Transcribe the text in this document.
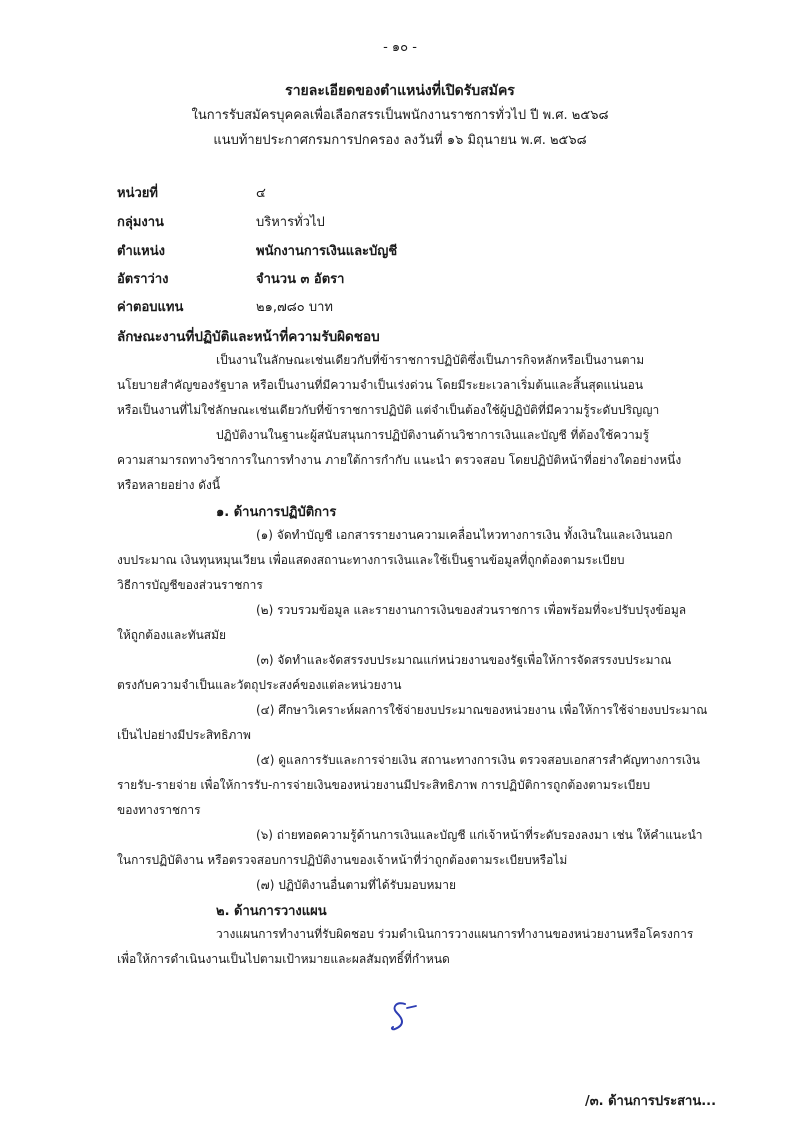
- ๑๐ -
รายละเอียดของตำแหน่งที่เปิดรับสมัคร
ในการรับสมัครบุคคลเพื่อเลือกสรรเป็นพนักงานราชการทั่วไป ปี พ.ศ. ๒๕๖๘
แนบท้ายประกาศกรมการปกครอง ลงวันที่ ๑๖ มิถุนายน พ.ศ. ๒๕๖๘
หน่วยที่	๔
กลุ่มงาน	บริหารทั่วไป
ตำแหน่ง	พนักงานการเงินและบัญชี
อัตราว่าง	จำนวน ๓ อัตรา
ค่าตอบแทน	๒๑,๗๘๐ บาท
ลักษณะงานที่ปฏิบัติและหน้าที่ความรับผิดชอบ
เป็นงานในลักษณะเช่นเดียวกับที่ข้าราชการปฏิบัติซึ่งเป็นภารกิจหลักหรือเป็นงานตาม
นโยบายสำคัญของรัฐบาล หรือเป็นงานที่มีความจำเป็นเร่งด่วน โดยมีระยะเวลาเริ่มต้นและสิ้นสุดแน่นอน
หรือเป็นงานที่ไม่ใช่ลักษณะเช่นเดียวกับที่ข้าราชการปฏิบัติ แต่จำเป็นต้องใช้ผู้ปฏิบัติที่มีความรู้ระดับปริญญา
ปฏิบัติงานในฐานะผู้สนับสนุนการปฏิบัติงานด้านวิชาการเงินและบัญชี ที่ต้องใช้ความรู้
ความสามารถทางวิชาการในการทำงาน ภายใต้การกำกับ แนะนำ ตรวจสอบ โดยปฏิบัติหน้าที่อย่างใดอย่างหนึ่ง
หรือหลายอย่าง ดังนี้
๑. ด้านการปฏิบัติการ
(๑) จัดทำบัญชี เอกสารรายงานความเคลื่อนไหวทางการเงิน ทั้งเงินในและเงินนอก
งบประมาณ เงินทุนหมุนเวียน เพื่อแสดงสถานะทางการเงินและใช้เป็นฐานข้อมูลที่ถูกต้องตามระเบียบ
วิธีการบัญชีของส่วนราชการ
(๒) รวบรวมข้อมูล และรายงานการเงินของส่วนราชการ เพื่อพร้อมที่จะปรับปรุงข้อมูล
ให้ถูกต้องและทันสมัย
(๓) จัดทำและจัดสรรงบประมาณแก่หน่วยงานของรัฐเพื่อให้การจัดสรรงบประมาณ
ตรงกับความจำเป็นและวัตถุประสงค์ของแต่ละหน่วยงาน
(๔) ศึกษาวิเคราะห์ผลการใช้จ่ายงบประมาณของหน่วยงาน เพื่อให้การใช้จ่ายงบประมาณ
เป็นไปอย่างมีประสิทธิภาพ
(๕) ดูแลการรับและการจ่ายเงิน สถานะทางการเงิน ตรวจสอบเอกสารสำคัญทางการเงิน
รายรับ-รายจ่าย เพื่อให้การรับ-การจ่ายเงินของหน่วยงานมีประสิทธิภาพ การปฏิบัติการถูกต้องตามระเบียบ
ของทางราชการ
(๖) ถ่ายทอดความรู้ด้านการเงินและบัญชี แก่เจ้าหน้าที่ระดับรองลงมา เช่น ให้คำแนะนำ
ในการปฏิบัติงาน หรือตรวจสอบการปฏิบัติงานของเจ้าหน้าที่ว่าถูกต้องตามระเบียบหรือไม่
(๗) ปฏิบัติงานอื่นตามที่ได้รับมอบหมาย
๒. ด้านการวางแผน
วางแผนการทำงานที่รับผิดชอบ ร่วมดำเนินการวางแผนการทำงานของหน่วยงานหรือโครงการ
เพื่อให้การดำเนินงานเป็นไปตามเป้าหมายและผลสัมฤทธิ์ที่กำหนด
/๓. ด้านการประสาน...
